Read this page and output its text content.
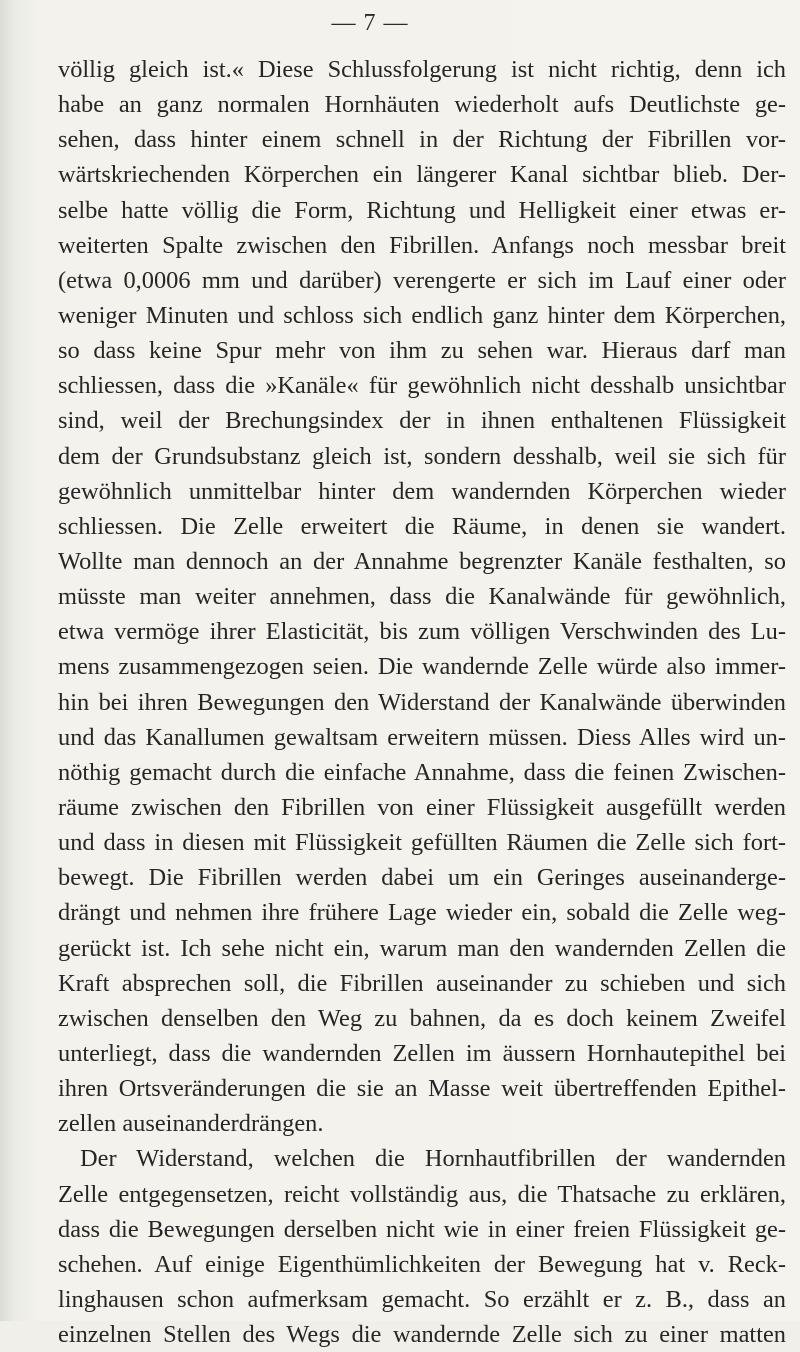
— 7 —
völlig gleich ist.« Diese Schlussfolgerung ist nicht richtig, denn ich
habe an ganz normalen Hornhäuten wiederholt aufs Deutlichste ge-
sehen, dass hinter einem schnell in der Richtung der Fibrillen vor-
wärtskriechenden Körperchen ein längerer Kanal sichtbar blieb. Der-
selbe hatte völlig die Form, Richtung und Helligkeit einer etwas er-
weiterten Spalte zwischen den Fibrillen. Anfangs noch messbar breit
(etwa 0,0006 mm und darüber) verengerte er sich im Lauf einer oder
weniger Minuten und schloss sich endlich ganz hinter dem Körperchen,
so dass keine Spur mehr von ihm zu sehen war. Hieraus darf man
schliessen, dass die »Kanäle« für gewöhnlich nicht desshalb unsichtbar
sind, weil der Brechungsindex der in ihnen enthaltenen Flüssigkeit
dem der Grundsubstanz gleich ist, sondern desshalb, weil sie sich für
gewöhnlich unmittelbar hinter dem wandernden Körperchen wieder
schliessen. Die Zelle erweitert die Räume, in denen sie wandert.
Wollte man dennoch an der Annahme begrenzter Kanäle festhalten, so
müsste man weiter annehmen, dass die Kanalwände für gewöhnlich,
etwa vermöge ihrer Elasticität, bis zum völligen Verschwinden des Lu-
mens zusammengezogen seien. Die wandernde Zelle würde also immer-
hin bei ihren Bewegungen den Widerstand der Kanalwände überwinden
und das Kanallumen gewaltsam erweitern müssen. Diess Alles wird un-
nöthig gemacht durch die einfache Annahme, dass die feinen Zwischen-
räume zwischen den Fibrillen von einer Flüssigkeit ausgefüllt werden
und dass in diesen mit Flüssigkeit gefüllten Räumen die Zelle sich fort-
bewegt. Die Fibrillen werden dabei um ein Geringes auseinanderge-
drängt und nehmen ihre frühere Lage wieder ein, sobald die Zelle weg-
gerückt ist. Ich sehe nicht ein, warum man den wandernden Zellen die
Kraft absprechen soll, die Fibrillen auseinander zu schieben und sich
zwischen denselben den Weg zu bahnen, da es doch keinem Zweifel
unterliegt, dass die wandernden Zellen im äussern Hornhautepithel bei
ihren Ortsveränderungen die sie an Masse weit übertreffenden Epithel-
zellen auseinanderdrängen.
Der Widerstand, welchen die Hornhautfibrillen der wandernden
Zelle entgegensetzen, reicht vollständig aus, die Thatsache zu erklären,
dass die Bewegungen derselben nicht wie in einer freien Flüssigkeit ge-
schehen. Auf einige Eigenthümlichkeiten der Bewegung hat v. Reck-
linghausen schon aufmerksam gemacht. So erzählt er z. B., dass an
einzelnen Stellen des Wegs die wandernde Zelle sich zu einer matten
